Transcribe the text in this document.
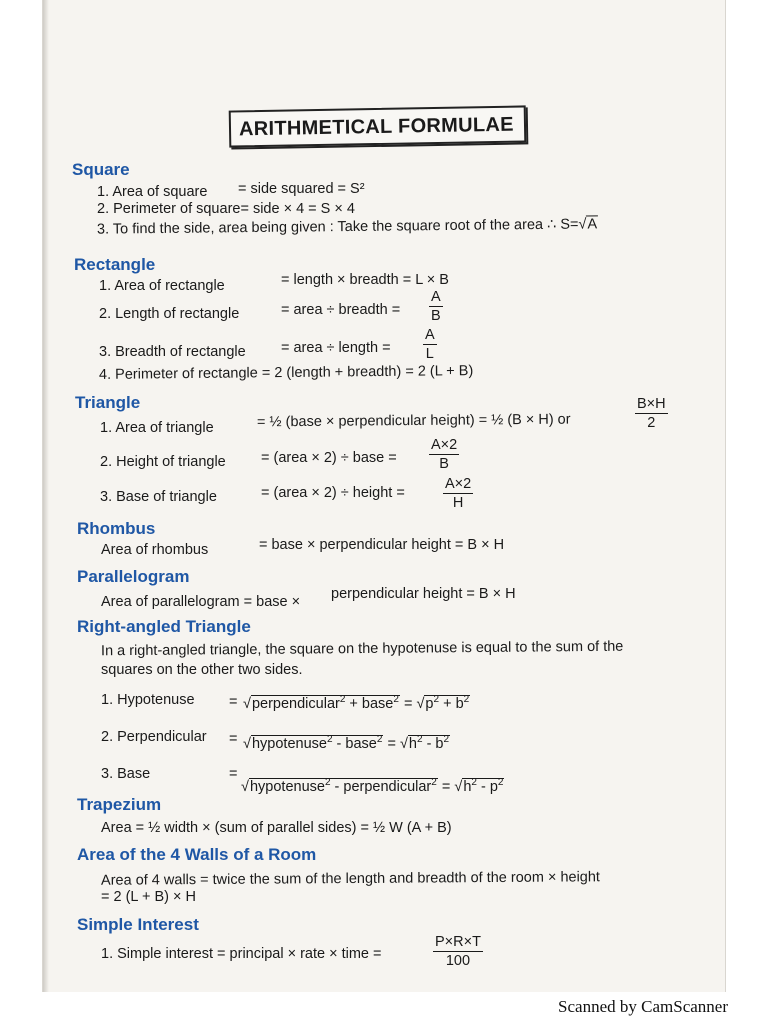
ARITHMETICAL FORMULAE
Square
1. Area of square = side squared = S²
2. Perimeter of square= side × 4 = S × 4
3. To find the side, area being given : Take the square root of the area ∴ S=√A
Rectangle
1. Area of rectangle	= length × breadth = L × B
2. Length of rectangle	= area ÷ breadth = $\frac{A}{B}$
3. Breadth of rectangle = area ÷ length = $\frac{A}{L}$
4. Perimeter of rectangle = 2 (length + breadth) = 2 (L + B)
Triangle
1. Area of triangle	= ½ (base × perpendicular height) = ½ (B × H) or	$\frac{B\times H}{2}$
2. Height of triangle = (area × 2) ÷ base = $\frac{A\times 2}{B}$
3. Base of triangle	= (area × 2) ÷ height =	$\frac{A\times 2}{H}$
Rhombus
Area of rhombus	= base × perpendicular height = B × H
Parallelogram
Area of parallelogram = base × perpendicular height = B × H
Right-angled Triangle
In a right-angled triangle, the square on the hypotenuse is equal to the sum of the
squares on the other two sides.
1. Hypotenuse = √perpendicular$^2$ + base$^2$ = $√p^2 + b^2$
2. Perpendicular = √hypotenuse$^2$ - base$^2$ = $√h^2 - b^2$
3. Base	=
√hypotenuse$^2$ - perpendicular$^2$ = $√h^2 - p^2$
Trapezium
Area = ½ width × (sum of parallel sides) = ½ W (A + B)
Area of the 4 Walls of a Room
Area of 4 walls = twice the sum of the length and breadth of the room × height
= 2 (L + B) × H
Simple Interest
1. Simple interest = principal × rate × time =	$\frac{P\times R\times T}{100}$
Scanned by CamScanner
